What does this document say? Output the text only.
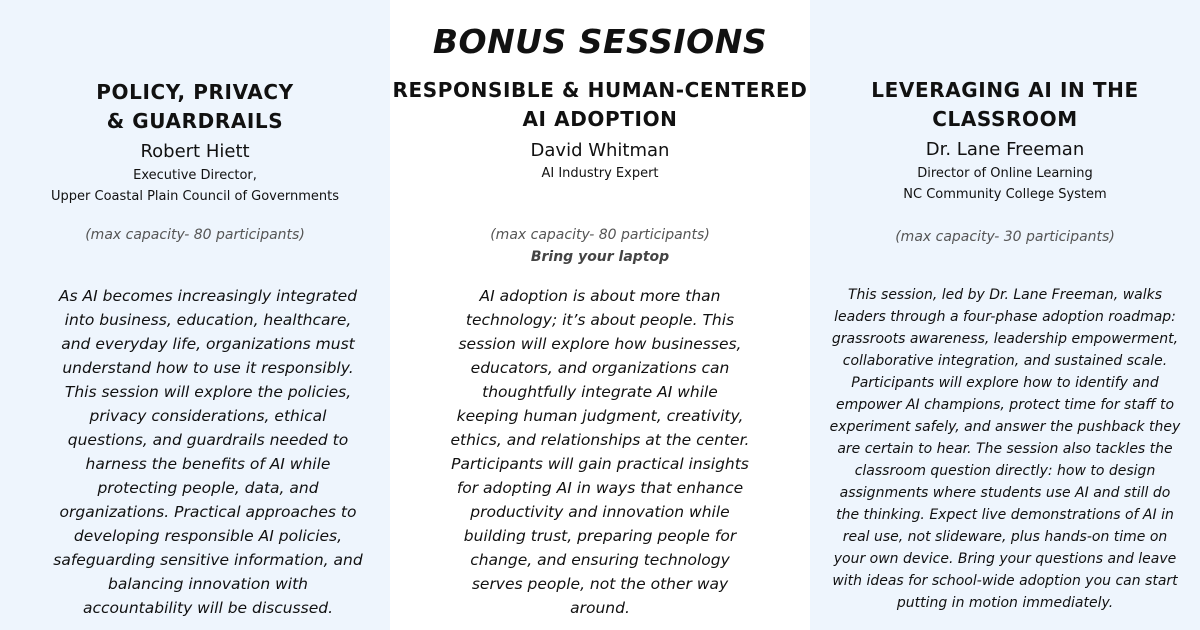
POLICY, PRIVACY
& GUARDRAILS

Robert Hiett

Executive Director,
Upper Coastal Plain Council of Governments

(max capacity- 80 participants)

As AI becomes increasingly integrated into business, education, healthcare, and everyday life, organizations must understand how to use it responsibly. This session will explore the policies, privacy considerations, ethical questions, and guardrails needed to harness the benefits of AI while protecting people, data, and organizations. Practical approaches to developing responsible AI policies, safeguarding sensitive information, and balancing innovation with accountability will be discussed.

RESPONSIBLE & HUMAN-CENTERED
AI ADOPTION

David Whitman

AI Industry Expert

(max capacity- 80 participants)

Bring your laptop

AI adoption is about more than technology; it’s about people. This session will explore how businesses, educators, and organizations can thoughtfully integrate AI while keeping human judgment, creativity, ethics, and relationships at the center. Participants will gain practical insights for adopting AI in ways that enhance productivity and innovation while building trust, preparing people for change, and ensuring technology serves people, not the other way around.

LEVERAGING AI IN THE
CLASSROOM

Dr. Lane Freeman

Director of Online Learning
NC Community College System

(max capacity- 30 participants)

This session, led by Dr. Lane Freeman, walks leaders through a four-phase adoption roadmap: grassroots awareness, leadership empowerment, collaborative integration, and sustained scale. Participants will explore how to identify and empower AI champions, protect time for staff to experiment safely, and answer the pushback they are certain to hear. The session also tackles the classroom question directly: how to design assignments where students use AI and still do the thinking. Expect live demonstrations of AI in real use, not slideware, plus hands-on time on your own device. Bring your questions and leave with ideas for school-wide adoption you can start putting in motion immediately.

BONUS SESSIONS
